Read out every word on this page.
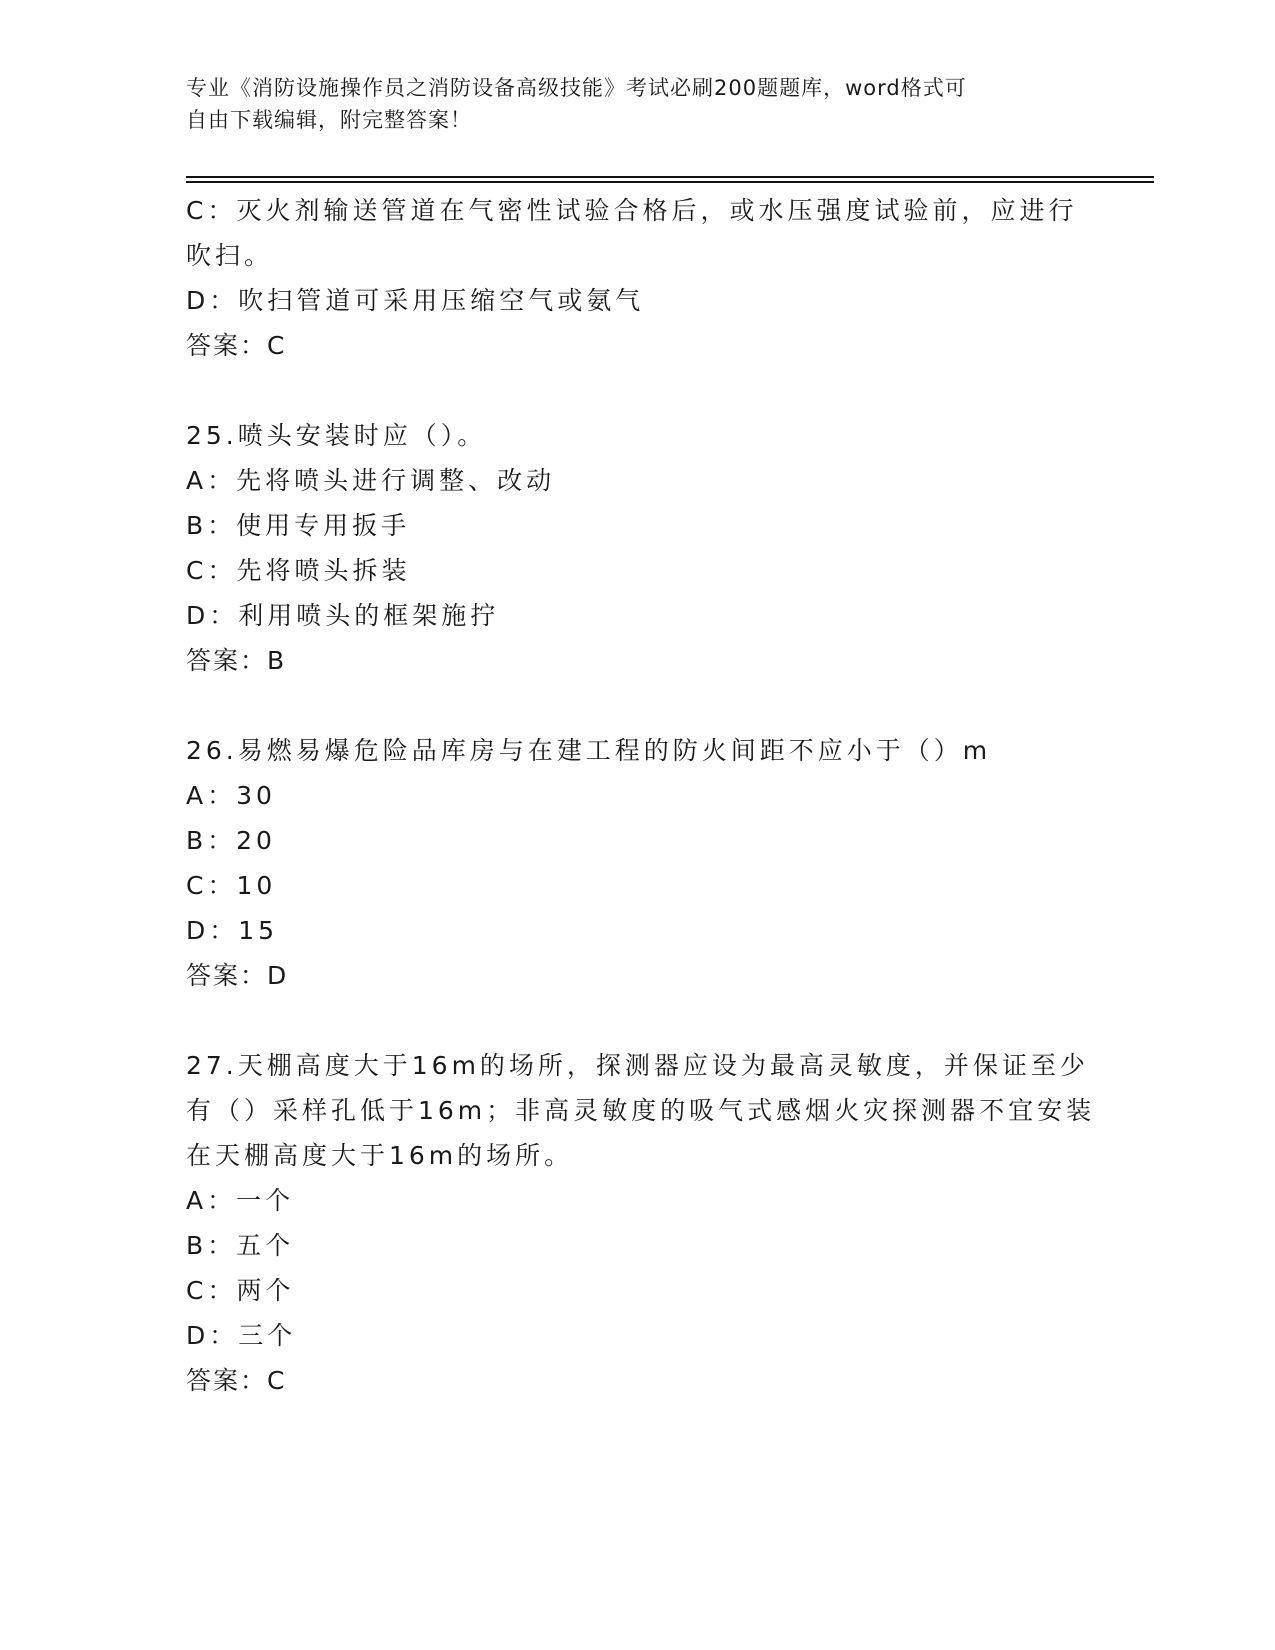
专业《消防设施操作员之消防设备高级技能》考试必刷200题题库，word格式可
自由下载编辑，附完整答案！
C：灭火剂输送管道在气密性试验合格后，或水压强度试验前，应进行
吹扫。
D：吹扫管道可采用压缩空气或氨气
答案：C
25.喷头安装时应（）。
A：先将喷头进行调整、改动
B：使用专用扳手
C：先将喷头拆装
D：利用喷头的框架施拧
答案：B
26.易燃易爆危险品库房与在建工程的防火间距不应小于（）m
A：30
B：20
C：10
D：15
答案：D
27.天棚高度大于16m的场所，探测器应设为最高灵敏度，并保证至少
有（）采样孔低于16m；非高灵敏度的吸气式感烟火灾探测器不宜安装
在天棚高度大于16m的场所。
A：一个
B：五个
C：两个
D：三个
答案：C
